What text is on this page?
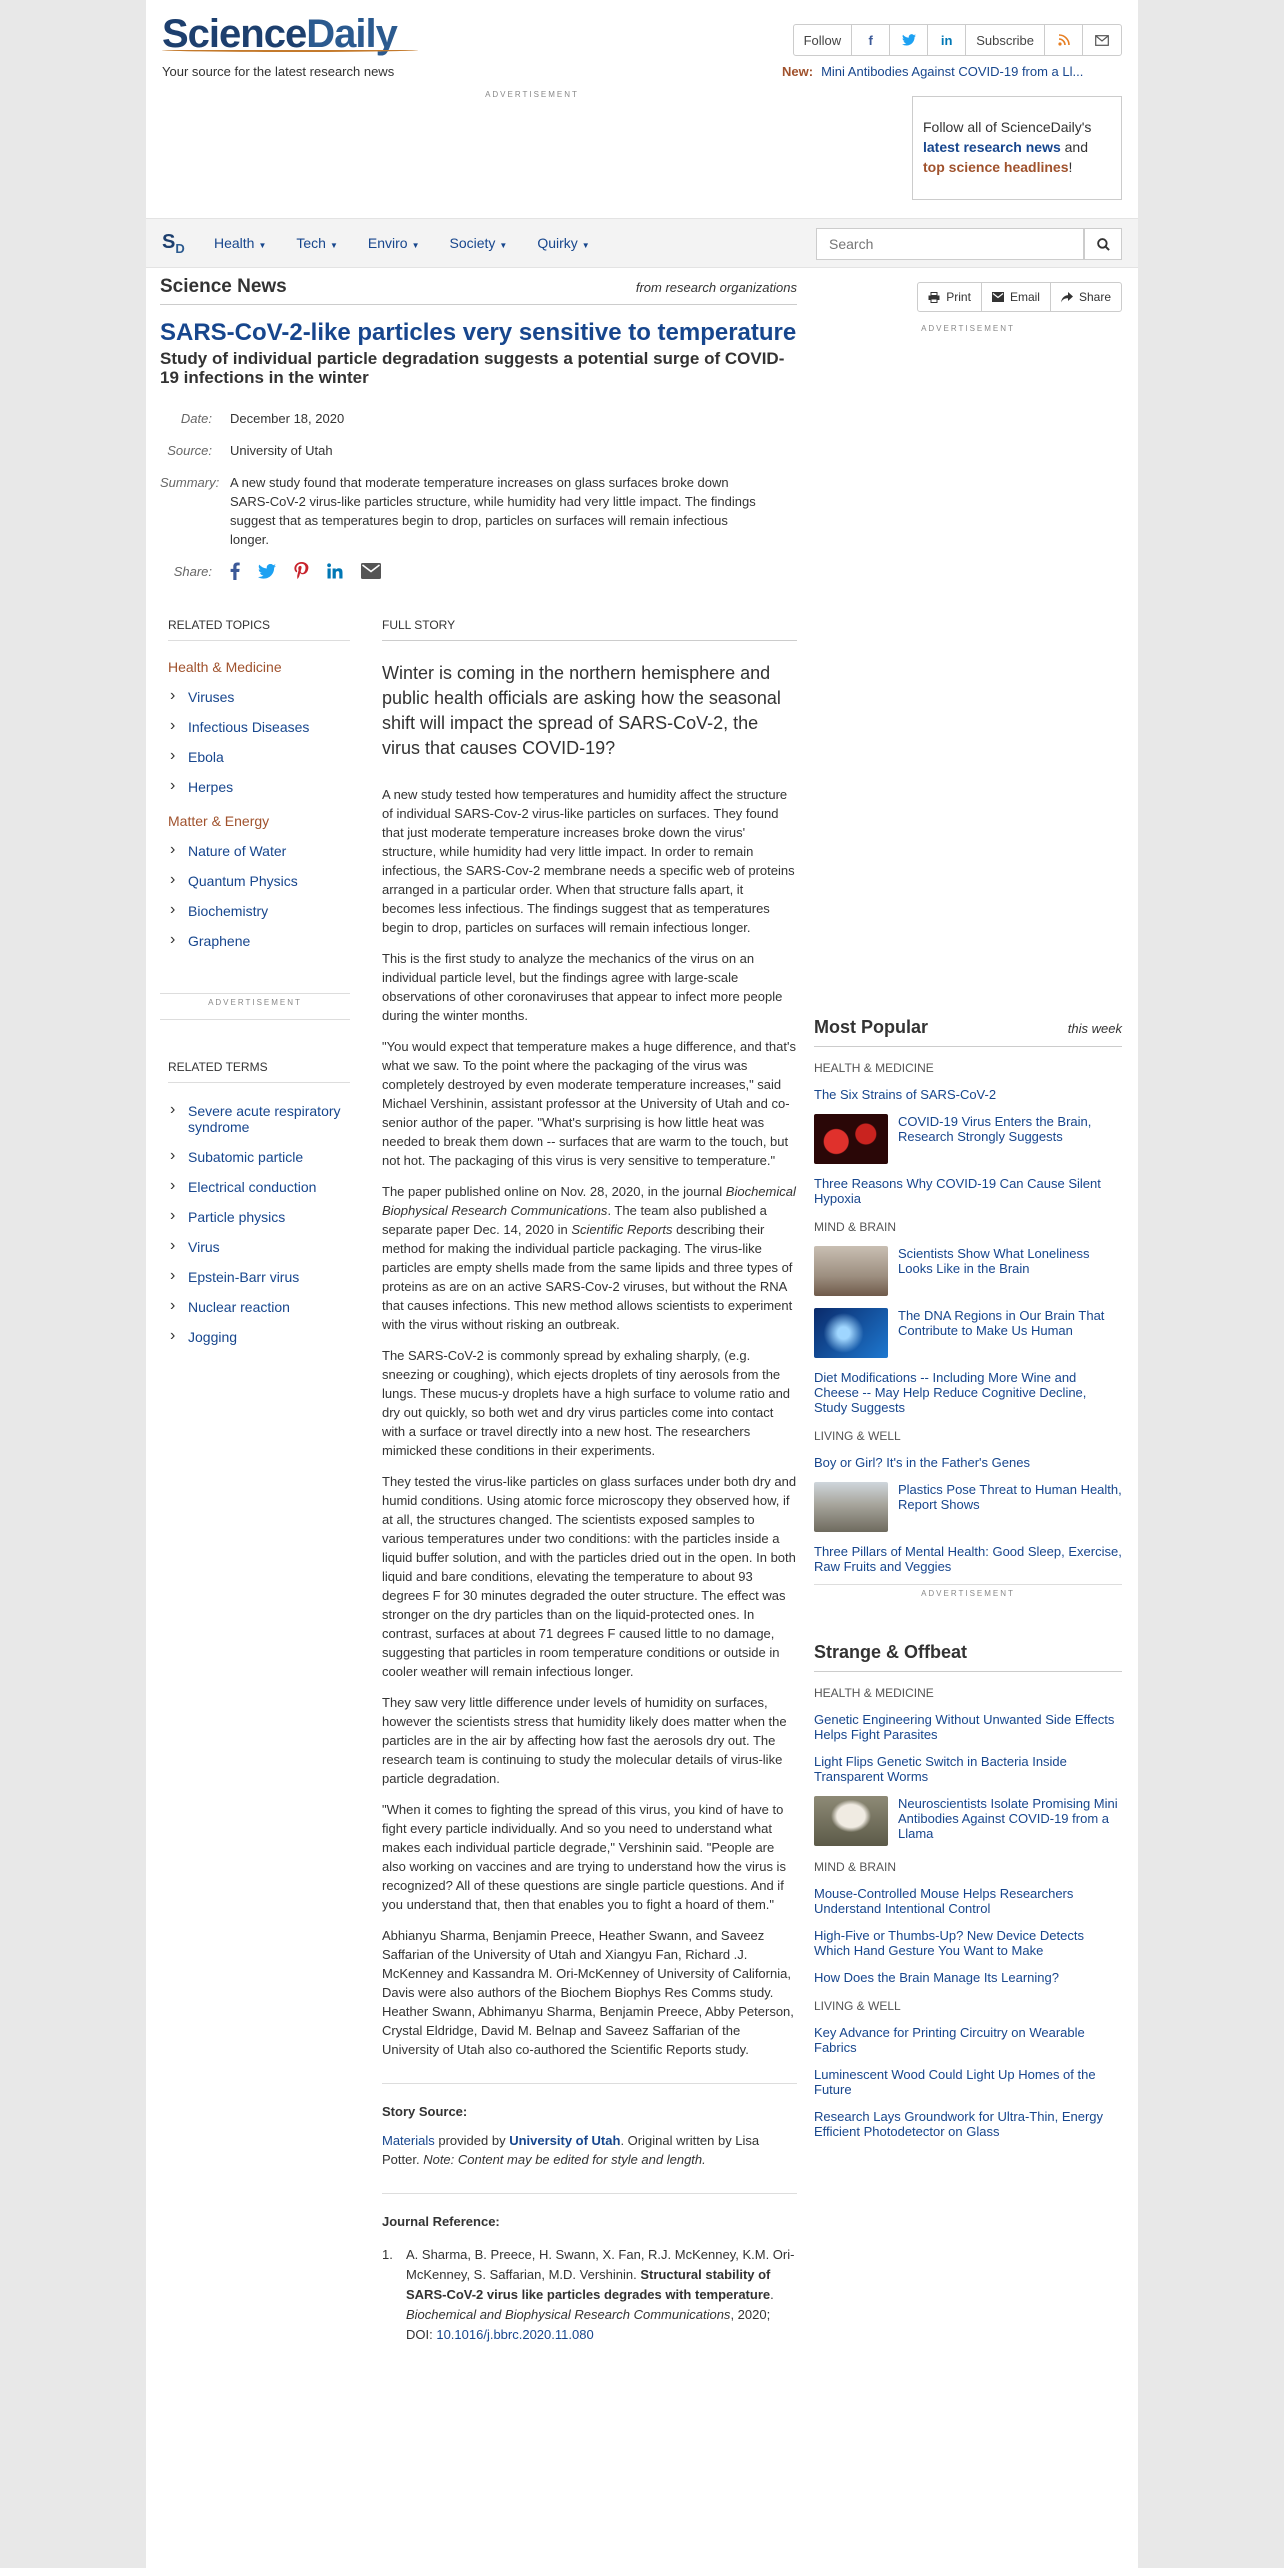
ScienceDaily
Your source for the latest research news
Follow	f	in	Subscribe
New: Mini Antibodies Against COVID-19 from a Ll...
ADVERTISEMENT
Follow all of ScienceDaily's
latest research news and
top science headlines!
$S_D$ Health ▼ Tech ▼ Enviro ▼ Society ▼ Quirky ▼
Search
Science News	from research organizations
SARS-CoV-2-like particles very sensitive to temperature
Study of individual particle degradation suggests a potential surge of COVID-19 infections in the winter
Date:	December 18, 2020
Source:	University of Utah
Summary: A new study found that moderate temperature increases on glass surfaces broke down SARS-CoV-2 virus-like particles structure, while humidity had very little impact. The findings suggest that as temperatures begin to drop, particles on surfaces will remain infectious longer.
Share:
RELATED TOPICS
Health & Medicine
› Viruses
› Infectious Diseases
› Ebola
› Herpes
Matter & Energy
› Nature of Water
› Quantum Physics
› Biochemistry
› Graphene
ADVERTISEMENT
RELATED TERMS
› Severe acute respiratory syndrome
› Subatomic particle
› Electrical conduction
› Particle physics
› Virus
› Epstein-Barr virus
› Nuclear reaction
› Jogging
FULL STORY

Winter is coming in the northern hemisphere and public health officials are asking how the seasonal shift will impact the spread of SARS-CoV-2, the virus that causes COVID-19?

A new study tested how temperatures and humidity affect the structure of individual SARS-Cov-2 virus-like particles on surfaces. They found that just moderate temperature increases broke down the virus' structure, while humidity had very little impact. In order to remain infectious, the SARS-Cov-2 membrane needs a specific web of proteins arranged in a particular order. When that structure falls apart, it becomes less infectious. The findings suggest that as temperatures begin to drop, particles on surfaces will remain infectious longer.

This is the first study to analyze the mechanics of the virus on an individual particle level, but the findings agree with large-scale observations of other coronaviruses that appear to infect more people during the winter months.

"You would expect that temperature makes a huge difference, and that's what we saw. To the point where the packaging of the virus was completely destroyed by even moderate temperature increases," said Michael Vershinin, assistant professor at the University of Utah and co-senior author of the paper. "What's surprising is how little heat was needed to break them down -- surfaces that are warm to the touch, but not hot. The packaging of this virus is very sensitive to temperature."

The paper published online on Nov. 28, 2020, in the journal Biochemical Biophysical Research Communications. The team also published a separate paper Dec. 14, 2020 in Scientific Reports describing their method for making the individual particle packaging. The virus-like particles are empty shells made from the same lipids and three types of proteins as are on an active SARS-Cov-2 viruses, but without the RNA that causes infections. This new method allows scientists to experiment with the virus without risking an outbreak.

The SARS-CoV-2 is commonly spread by exhaling sharply, (e.g. sneezing or coughing), which ejects droplets of tiny aerosols from the lungs. These mucus-y droplets have a high surface to volume ratio and dry out quickly, so both wet and dry virus particles come into contact with a surface or travel directly into a new host. The researchers mimicked these conditions in their experiments.

They tested the virus-like particles on glass surfaces under both dry and humid conditions. Using atomic force microscopy they observed how, if at all, the structures changed. The scientists exposed samples to various temperatures under two conditions: with the particles inside a liquid buffer solution, and with the particles dried out in the open. In both liquid and bare conditions, elevating the temperature to about 93 degrees F for 30 minutes degraded the outer structure. The effect was stronger on the dry particles than on the liquid-protected ones. In contrast, surfaces at about 71 degrees F caused little to no damage, suggesting that particles in room temperature conditions or outside in cooler weather will remain infectious longer.

They saw very little difference under levels of humidity on surfaces, however the scientists stress that humidity likely does matter when the particles are in the air by affecting how fast the aerosols dry out. The research team is continuing to study the molecular details of virus-like particle degradation.

"When it comes to fighting the spread of this virus, you kind of have to fight every particle individually. And so you need to understand what makes each individual particle degrade," Vershinin said. "People are also working on vaccines and are trying to understand how the virus is recognized? All of these questions are single particle questions. And if you understand that, then that enables you to fight a hoard of them."

Abhianyu Sharma, Benjamin Preece, Heather Swann, and Saveez Saffarian of the University of Utah and Xiangyu Fan, Richard .J. McKenney and Kassandra M. Ori-McKenney of University of California, Davis were also authors of the Biochem Biophys Res Comms study. Heather Swann, Abhimanyu Sharma, Benjamin Preece, Abby Peterson, Crystal Eldridge, David M. Belnap and Saveez Saffarian of the University of Utah also co-authored the Scientific Reports study.

Story Source:

Materials provided by University of Utah. Original written by Lisa Potter. Note: Content may be edited for style and length.

Journal Reference:
1.	A. Sharma, B. Preece, H. Swann, X. Fan, R.J. McKenney, K.M. Ori-McKenney, S. Saffarian, M.D. Vershinin. Structural stability of SARS-CoV-2 virus like particles degrades with temperature. Biochemical and Biophysical Research Communications, 2020; DOI: 10.1016/j.bbrc.2020.11.080
Print	Email	Share
ADVERTISEMENT
Most Popular	this week
HEALTH & MEDICINE
The Six Strains of SARS-CoV-2
COVID-19 Virus Enters the Brain, Research Strongly Suggests
Three Reasons Why COVID-19 Can Cause Silent Hypoxia
MIND & BRAIN
Scientists Show What Loneliness Looks Like in the Brain
The DNA Regions in Our Brain That Contribute to Make Us Human
Diet Modifications -- Including More Wine and Cheese -- May Help Reduce Cognitive Decline, Study Suggests
LIVING & WELL
Boy or Girl? It's in the Father's Genes
Plastics Pose Threat to Human Health, Report Shows
Three Pillars of Mental Health: Good Sleep, Exercise, Raw Fruits and Veggies
ADVERTISEMENT
Strange & Offbeat
HEALTH & MEDICINE
Genetic Engineering Without Unwanted Side Effects Helps Fight Parasites
Light Flips Genetic Switch in Bacteria Inside Transparent Worms
Neuroscientists Isolate Promising Mini Antibodies Against COVID-19 from a Llama
MIND & BRAIN
Mouse-Controlled Mouse Helps Researchers Understand Intentional Control
High-Five or Thumbs-Up? New Device Detects Which Hand Gesture You Want to Make
How Does the Brain Manage Its Learning?
LIVING & WELL
Key Advance for Printing Circuitry on Wearable Fabrics
Luminescent Wood Could Light Up Homes of the Future
Research Lays Groundwork for Ultra-Thin, Energy Efficient Photodetector on Glass
